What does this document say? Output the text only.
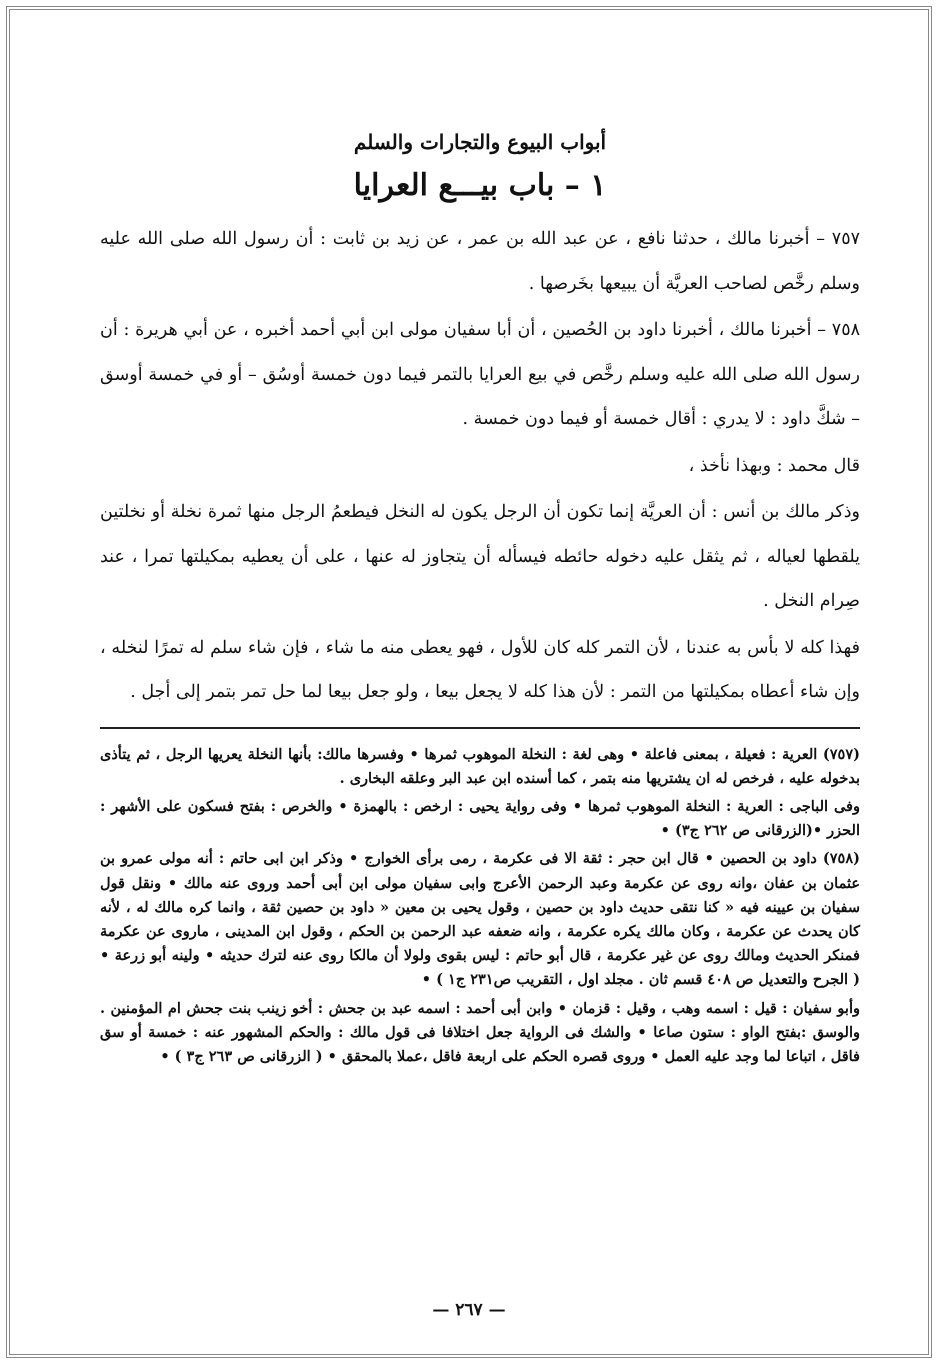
أبواب البيوع والتجارات والسلم
١ – باب بيـــع العرايا

٧٥٧ – أخبرنا مالك ، حدثنا نافع ، عن عبد الله بن عمر ، عن زيد بن ثابت : أن رسول الله صلى الله عليه وسلم رخَّص لصاحب العريَّة أن يبيعها بخَرصها .

٧٥٨ – أخبرنا مالك ، أخبرنا داود بن الحُصين ، أن أبا سفيان مولى ابن أبي أحمد أخبره ، عن أبي هريرة : أن رسول الله صلى الله عليه وسلم رخَّص في بيع العرايا بالتمر فيما دون خمسة أوسُق – أو في خمسة أوسق – شكَّ داود : لا يدري : أقال خمسة أو فيما دون خمسة .

قال محمد : وبهذا نأخذ ،

وذكر مالك بن أنس : أن العريَّة إنما تكون أن الرجل يكون له النخل فيطعمُ الرجل منها ثمرة نخلة أو نخلتين يلقطها لعياله ، ثم يثقل عليه دخوله حائطه فيسأله أن يتجاوز له عنها ، على أن يعطيه بمكيلتها تمرا ، عند صِرام النخل .

فهذا كله لا بأس به عندنا ، لأن التمر كله كان للأول ، فهو يعطى منه ما شاء ، فإن شاء سلم له تمرًا لنخله ، وإن شاء أعطاه بمكيلتها من التمر : لأن هذا كله لا يجعل بيعا ، ولو جعل بيعا لما حل تمر بتمر إلى أجل .

(٧٥٧) العرية : فعيلة ، بمعنى فاعلة • وهى لغة : النخلة الموهوب ثمرها • وفسرها مالك: بأنها النخلة يعريها الرجل ، ثم يتأذى بدخوله عليه ، فرخص له ان يشتريها منه بتمر ، كما أسنده ابن عبد البر وعلقه البخارى .

وفى الباجى : العرية : النخلة الموهوب ثمرها • وفى رواية يحيى : ارخص : بالهمزة • والخرص : بفتح فسكون على الأشهر : الحزر •(الزرقانى ص ٢٦٢ ج٣) •

(٧٥٨) داود بن الحصين • قال ابن حجر : ثقة الا فى عكرمة ، رمى برأى الخوارج • وذكر ابن ابى حاتم : أنه مولى عمرو بن عثمان بن عفان ،وانه روى عن عكرمة وعبد الرحمن الأعرج وابى سفيان مولى ابن أبى أحمد وروى عنه مالك • ونقل قول سفيان بن عيينه فيه « كنا نتقى حديث داود بن حصين ، وقول يحيى بن معين « داود بن حصين ثقة ، وانما كره مالك له ، لأنه كان يحدث عن عكرمة ، وكان مالك يكره عكرمة ، وانه ضعفه عبد الرحمن بن الحكم ، وقول ابن المدينى ، ماروى عن عكرمة فمنكر الحديث ومالك روى عن غير عكرمة ، قال أبو حاتم : ليس بقوى ولولا أن مالكا روى عنه لترك حديثه • ولينه أبو زرعة • ( الجرح والتعديل ص ٤٠٨ قسم ثان . مجلد اول ، التقريب ص٢٣١ ج١ ) •

وأبو سفيان : قيل : اسمه وهب ، وقيل : قزمان • وابن أبى أحمد : اسمه عبد بن جحش : أخو زينب بنت جحش ام المؤمنين . والوسق :بفتح الواو : ستون صاعا • والشك فى الرواية جعل اختلافا فى قول مالك : والحكم المشهور عنه : خمسة أو سق فاقل ، اتباعا لما وجد عليه العمل • وروى قصره الحكم على اربعة فاقل ،عملا بالمحقق • ( الزرقانى ص ٢٦٣ ج٣ ) •

— ٢٦٧ —
